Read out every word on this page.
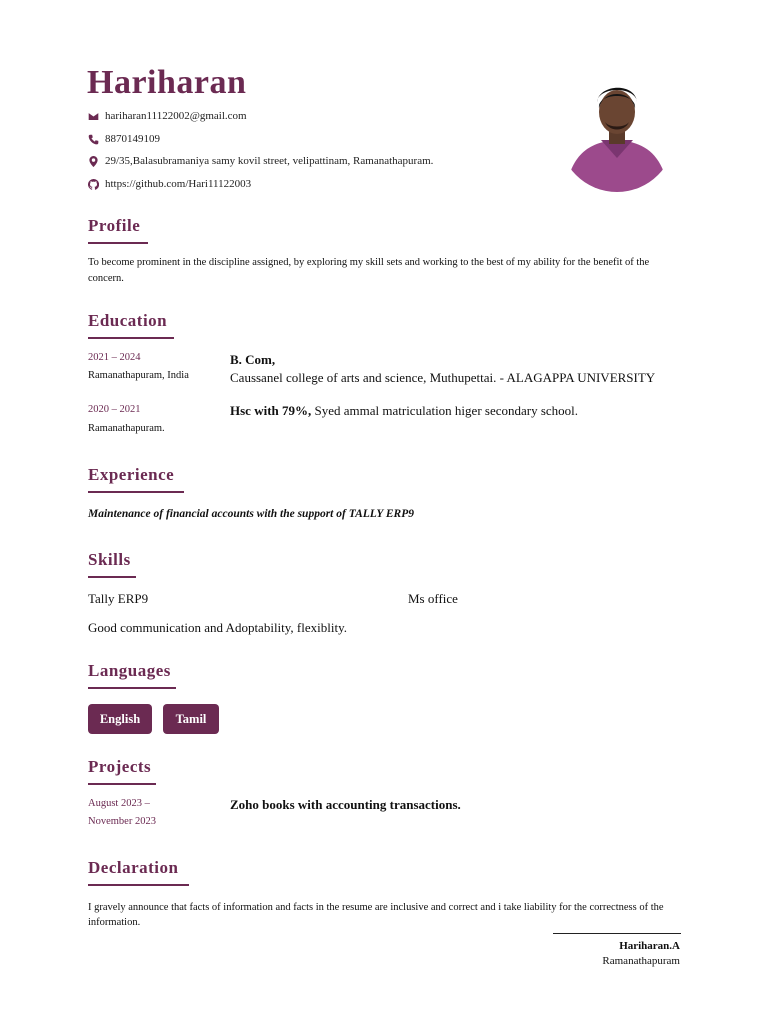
Hariharan
hariharan11122002@gmail.com
8870149109
29/35,Balasubramaniya samy kovil street, velipattinam, Ramanathapuram.
https://github.com/Hari11122003
Profile
To become prominent in the discipline assigned, by exploring my skill sets and working to the best of my ability for the benefit of the concern.
Education
2021 – 2024
Ramanathapuram, India
B. Com,
Caussanel college of arts and science, Muthupettai. - ALAGAPPA UNIVERSITY
2020 – 2021
Ramanathapuram.
Hsc with 79%, Syed ammal matriculation higer secondary school.
Experience
Maintenance of financial accounts with the support of TALLY ERP9
Skills
Tally ERP9	Ms office
Good communication and Adoptability, flexiblity.
Languages
English	Tamil
Projects
August 2023 –
November 2023
Zoho books with accounting transactions.
Declaration
I gravely announce that facts of information and facts in the resume are inclusive and correct and i take liability for the correctness of the information.
Hariharan.A
Ramanathapuram
